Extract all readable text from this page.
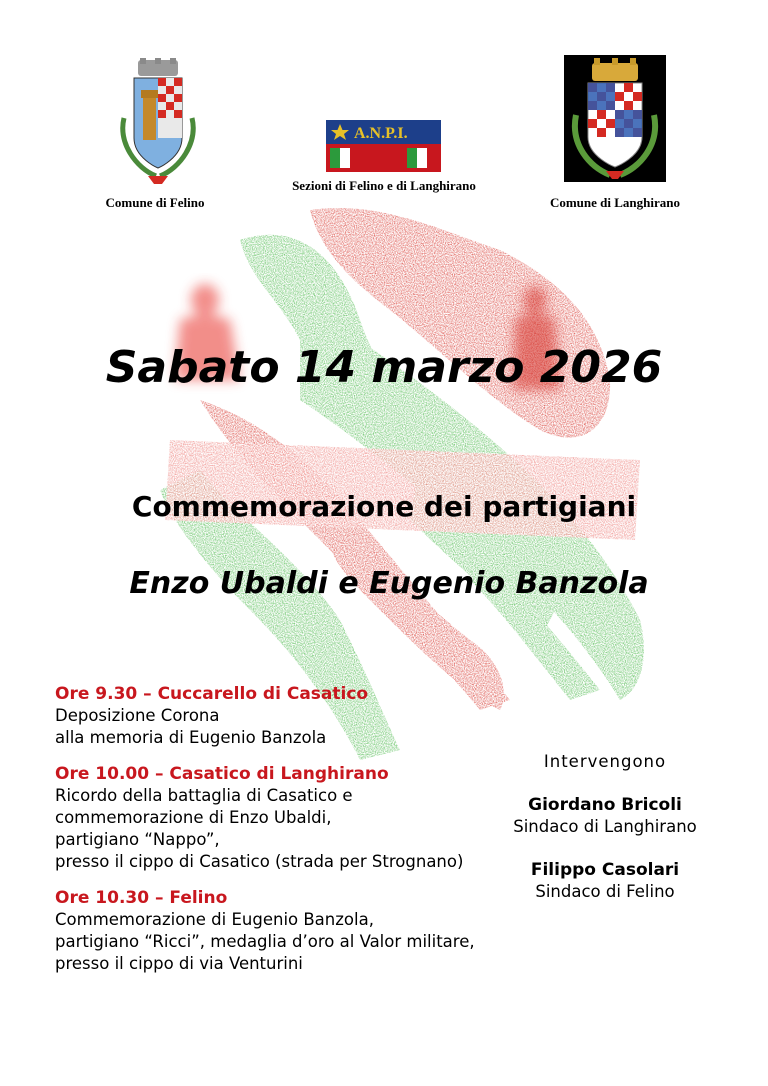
Comune di Felino
A.N.P.I.
Sezioni di Felino e di Langhirano
Comune di Langhirano
Sabato 14 marzo 2026
Commemorazione dei partigiani
Enzo Ubaldi e Eugenio Banzola
Ore 9.30 – Cuccarello di Casatico
Deposizione Corona
alla memoria di Eugenio Banzola
Ore 10.00 – Casatico di Langhirano
Ricordo della battaglia di Casatico e
commemorazione di Enzo Ubaldi,
partigiano “Nappo”,
presso il cippo di Casatico (strada per Strognano)
Ore 10.30 – Felino
Commemorazione di Eugenio Banzola,
partigiano “Ricci”, medaglia d’oro al Valor militare,
presso il cippo di via Venturini
Intervengono
Giordano Bricoli
Sindaco di Langhirano
Filippo Casolari
Sindaco di Felino
